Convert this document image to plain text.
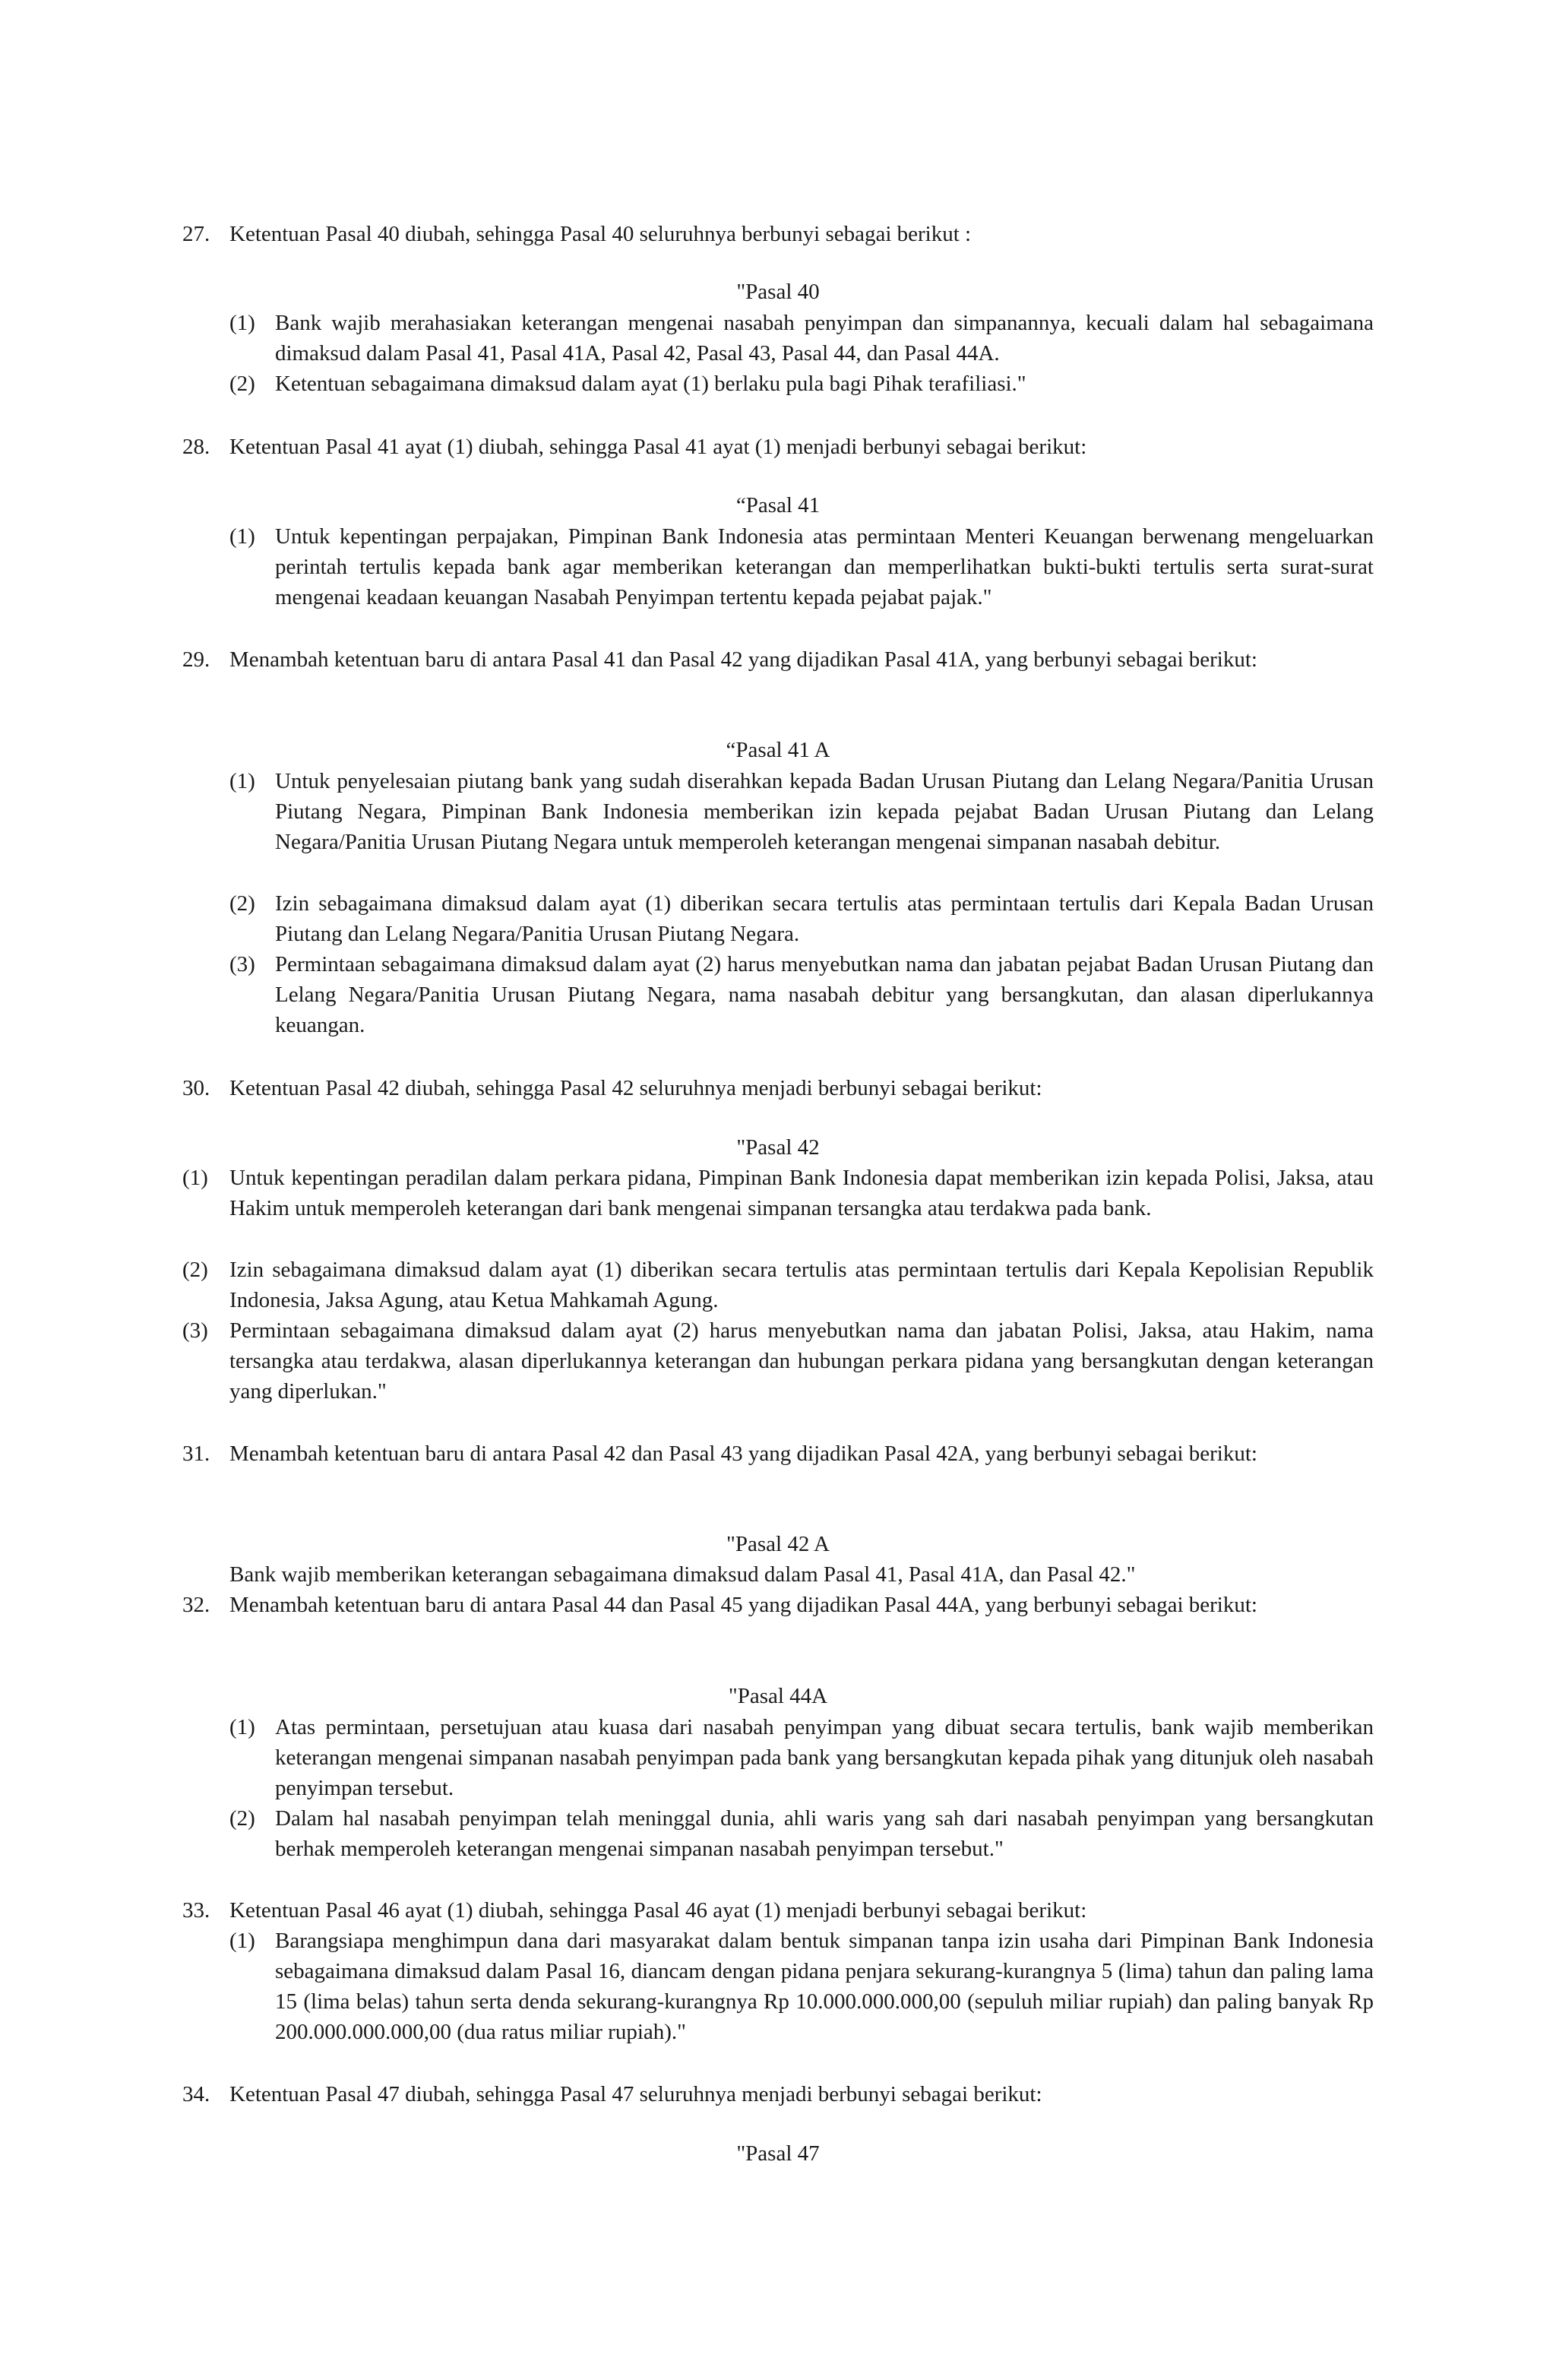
27. Ketentuan Pasal 40 diubah, sehingga Pasal 40 seluruhnya berbunyi sebagai berikut :
"Pasal 40
(1) Bank wajib merahasiakan keterangan mengenai nasabah penyimpan dan simpanannya, kecuali dalam hal sebagaimana dimaksud dalam Pasal 41, Pasal 41A, Pasal 42, Pasal 43, Pasal 44, dan Pasal 44A.
(2) Ketentuan sebagaimana dimaksud dalam ayat (1) berlaku pula bagi Pihak terafiliasi."
28. Ketentuan Pasal 41 ayat (1) diubah, sehingga Pasal 41 ayat (1) menjadi berbunyi sebagai berikut:
“Pasal 41
(1) Untuk kepentingan perpajakan, Pimpinan Bank Indonesia atas permintaan Menteri Keuangan berwenang mengeluarkan perintah tertulis kepada bank agar memberikan keterangan dan memperlihatkan bukti-bukti tertulis serta surat-surat mengenai keadaan keuangan Nasabah Penyimpan tertentu kepada pejabat pajak."
29. Menambah ketentuan baru di antara Pasal 41 dan Pasal 42 yang dijadikan Pasal 41A, yang berbunyi sebagai berikut:
“Pasal 41 A
(1) Untuk penyelesaian piutang bank yang sudah diserahkan kepada Badan Urusan Piutang dan Lelang Negara/Panitia Urusan Piutang Negara, Pimpinan Bank Indonesia memberikan izin kepada pejabat Badan Urusan Piutang dan Lelang Negara/Panitia Urusan Piutang Negara untuk memperoleh keterangan mengenai simpanan nasabah debitur.
(2) Izin sebagaimana dimaksud dalam ayat (1) diberikan secara tertulis atas permintaan tertulis dari Kepala Badan Urusan Piutang dan Lelang Negara/Panitia Urusan Piutang Negara.
(3) Permintaan sebagaimana dimaksud dalam ayat (2) harus menyebutkan nama dan jabatan pejabat Badan Urusan Piutang dan Lelang Negara/Panitia Urusan Piutang Negara, nama nasabah debitur yang bersangkutan, dan alasan diperlukannya keuangan.
30. Ketentuan Pasal 42 diubah, sehingga Pasal 42 seluruhnya menjadi berbunyi sebagai berikut:
"Pasal 42
(1) Untuk kepentingan peradilan dalam perkara pidana, Pimpinan Bank Indonesia dapat memberikan izin kepada Polisi, Jaksa, atau Hakim untuk memperoleh keterangan dari bank mengenai simpanan tersangka atau terdakwa pada bank.
(2) Izin sebagaimana dimaksud dalam ayat (1) diberikan secara tertulis atas permintaan tertulis dari Kepala Kepolisian Republik Indonesia, Jaksa Agung, atau Ketua Mahkamah Agung.
(3) Permintaan sebagaimana dimaksud dalam ayat (2) harus menyebutkan nama dan jabatan Polisi, Jaksa, atau Hakim, nama tersangka atau terdakwa, alasan diperlukannya keterangan dan hubungan perkara pidana yang bersangkutan dengan keterangan yang diperlukan."
31. Menambah ketentuan baru di antara Pasal 42 dan Pasal 43 yang dijadikan Pasal 42A, yang berbunyi sebagai berikut:
"Pasal 42 A
Bank wajib memberikan keterangan sebagaimana dimaksud dalam Pasal 41, Pasal 41A, dan Pasal 42."
32. Menambah ketentuan baru di antara Pasal 44 dan Pasal 45 yang dijadikan Pasal 44A, yang berbunyi sebagai berikut:
"Pasal 44A
(1) Atas permintaan, persetujuan atau kuasa dari nasabah penyimpan yang dibuat secara tertulis, bank wajib memberikan keterangan mengenai simpanan nasabah penyimpan pada bank yang bersangkutan kepada pihak yang ditunjuk oleh nasabah penyimpan tersebut.
(2) Dalam hal nasabah penyimpan telah meninggal dunia, ahli waris yang sah dari nasabah penyimpan yang bersangkutan berhak memperoleh keterangan mengenai simpanan nasabah penyimpan tersebut."
33. Ketentuan Pasal 46 ayat (1) diubah, sehingga Pasal 46 ayat (1) menjadi berbunyi sebagai berikut:
(1) Barangsiapa menghimpun dana dari masyarakat dalam bentuk simpanan tanpa izin usaha dari Pimpinan Bank Indonesia sebagaimana dimaksud dalam Pasal 16, diancam dengan pidana penjara sekurang-kurangnya 5 (lima) tahun dan paling lama 15 (lima belas) tahun serta denda sekurang-kurangnya Rp 10.000.000.000,00 (sepuluh miliar rupiah) dan paling banyak Rp 200.000.000.000,00 (dua ratus miliar rupiah)."
34. Ketentuan Pasal 47 diubah, sehingga Pasal 47 seluruhnya menjadi berbunyi sebagai berikut:
"Pasal 47
